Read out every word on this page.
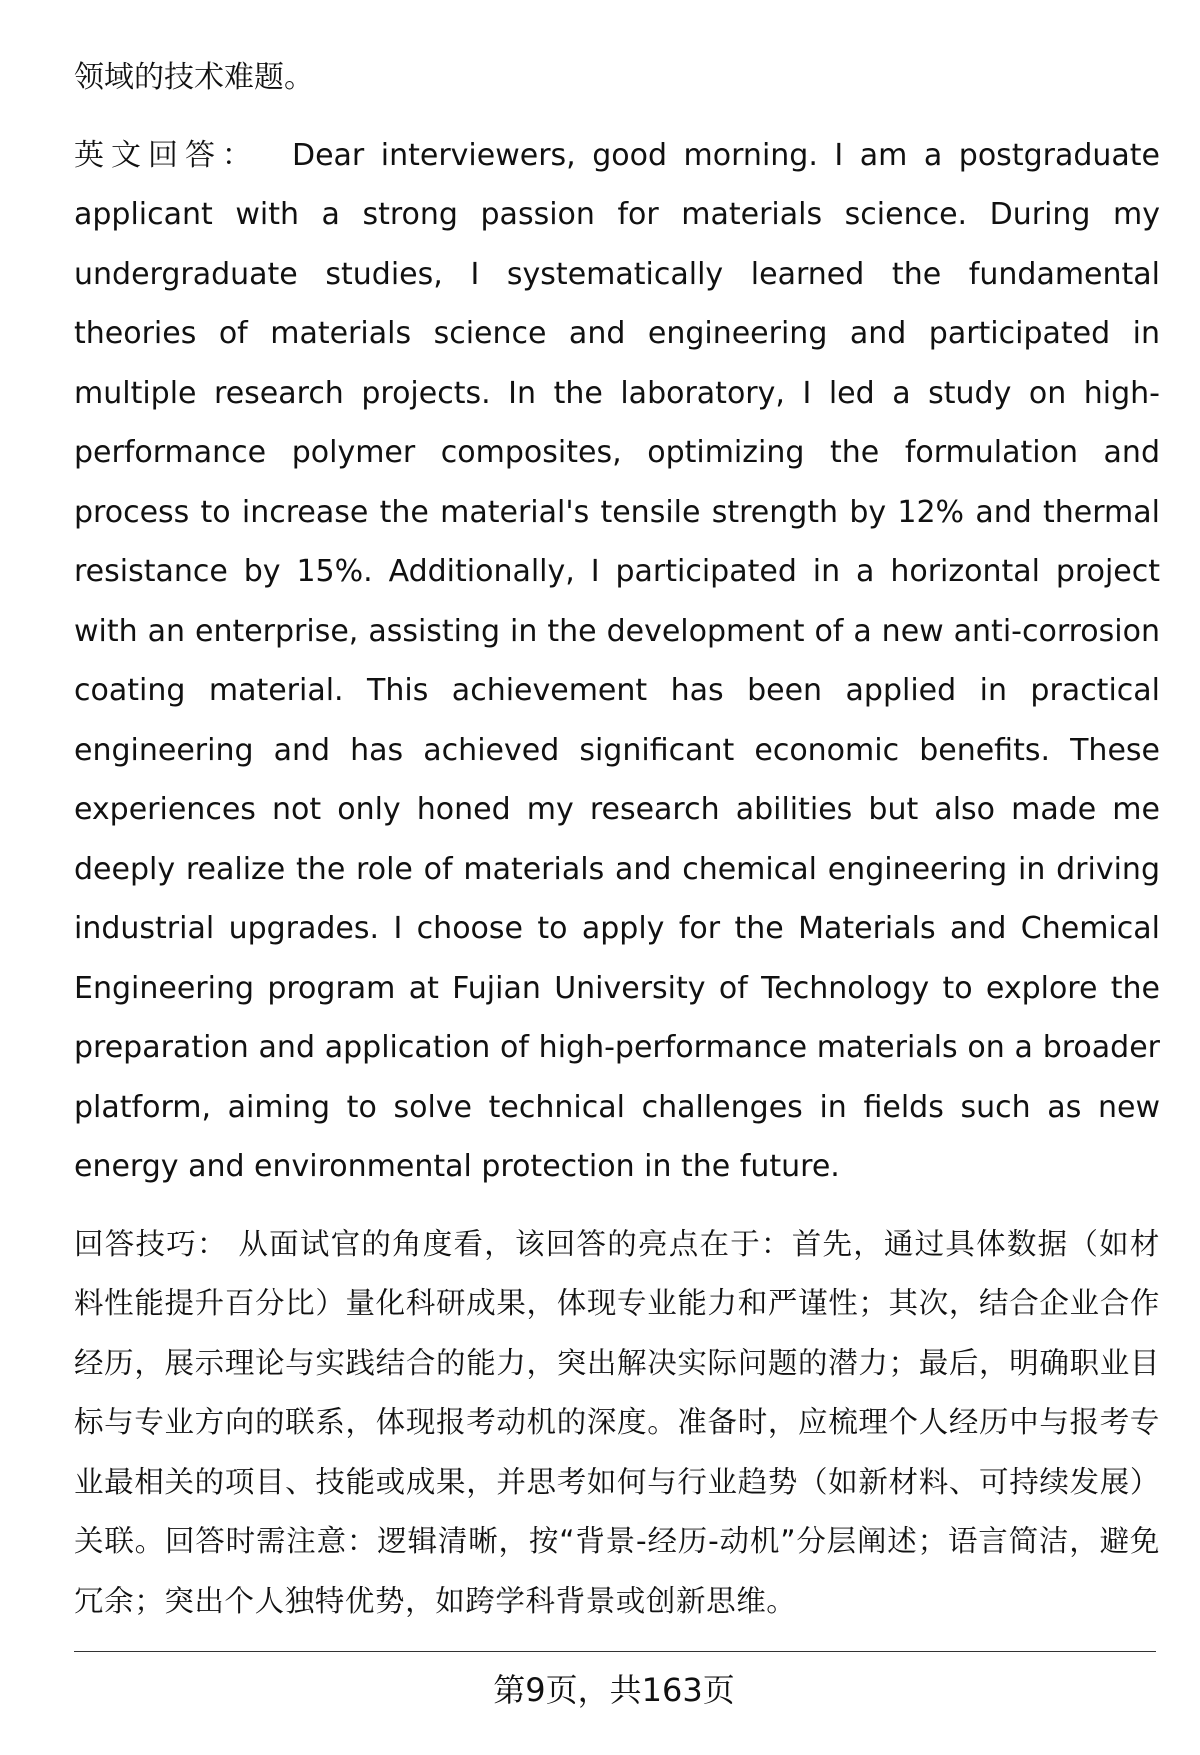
领域的技术难题。

英文回答： Dear interviewers, good morning. I am a postgraduate applicant with a strong passion for materials science. During my undergraduate studies, I systematically learned the fundamental theories of materials science and engineering and participated in multiple research projects. In the laboratory, I led a study on high-performance polymer composites, optimizing the formulation and process to increase the material's tensile strength by 12% and thermal resistance by 15%. Additionally, I participated in a horizontal project with an enterprise, assisting in the development of a new anti-corrosion coating material. This achievement has been applied in practical engineering and has achieved significant economic benefits. These experiences not only honed my research abilities but also made me deeply realize the role of materials and chemical engineering in driving industrial upgrades. I choose to apply for the Materials and Chemical Engineering program at Fujian University of Technology to explore the preparation and application of high-performance materials on a broader platform, aiming to solve technical challenges in fields such as new energy and environmental protection in the future.

回答技巧： 从面试官的角度看，该回答的亮点在于：首先，通过具体数据（如材料性能提升百分比）量化科研成果，体现专业能力和严谨性；其次，结合企业合作经历，展示理论与实践结合的能力，突出解决实际问题的潜力；最后，明确职业目标与专业方向的联系，体现报考动机的深度。准备时，应梳理个人经历中与报考专业最相关的项目、技能或成果，并思考如何与行业趋势（如新材料、可持续发展）关联。回答时需注意：逻辑清晰，按“背景-经历-动机”分层阐述；语言简洁，避免冗余；突出个人独特优势，如跨学科背景或创新思维。

第9页，共163页
